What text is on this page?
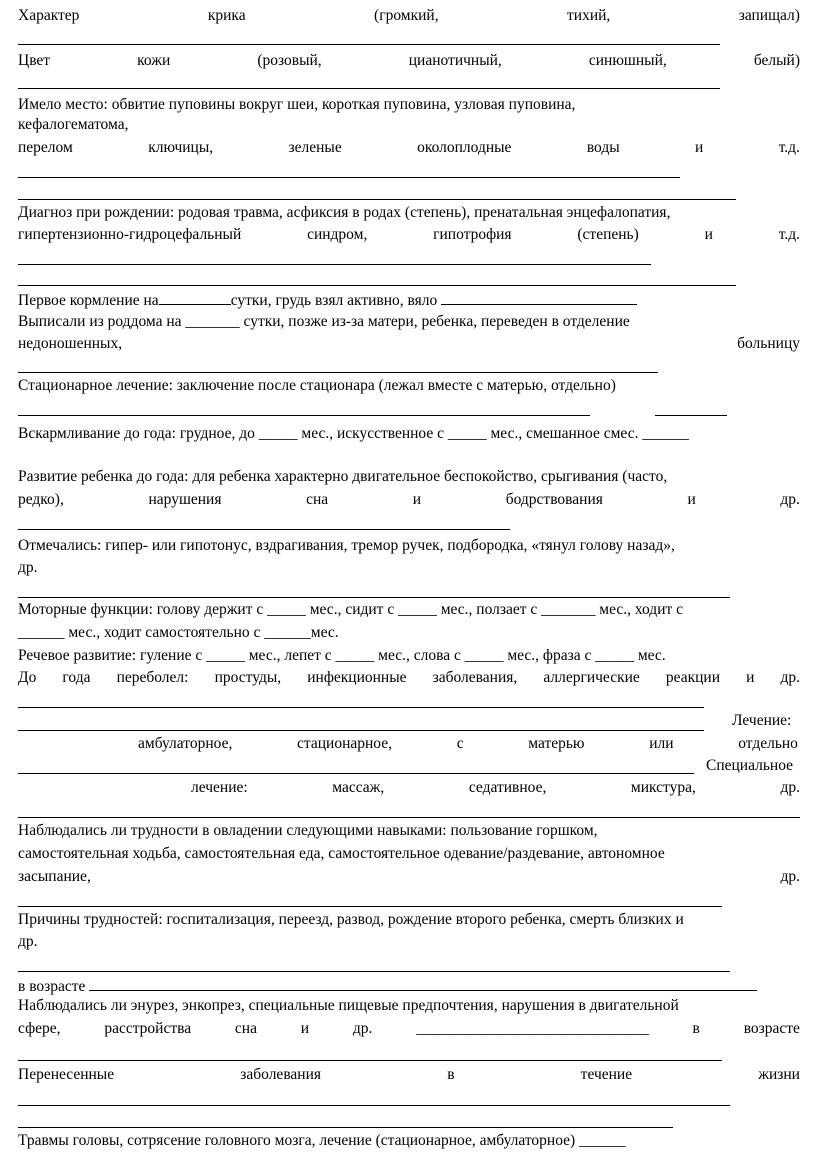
Характер	крика	(громкий,	тихий,	запищал)
Цвет	кожи	(розовый,	цианотичный,	синюшный,	белый)
Имело место: обвитие пуповины вокруг шеи, короткая пуповина, узловая пуповина,
кефалогематома,
перелом	ключицы,	зеленые	околоплодные	воды	и	т.д.
Диагноз при рождении: родовая травма, асфиксия в родах (степень), пренатальная энцефалопатия,
гипертензионно-гидроцефальный	синдром,	гипотрофия	(степень)	и	т.д.
Первое кормление на	сутки, грудь взял активно, вяло
Выписали из роддома на _______ сутки, позже из-за матери, ребенка, переведен в отделение
недоношенных,	больницу
Стационарное лечение: заключение после стационара (лежал вместе с матерью, отдельно)
Вскармливание до года: грудное, до _____ мес., искусственное с _____ мес., смешанное смес. ______
Развитие ребенка до года: для ребенка характерно двигательное беспокойство, срыгивания (часто,
редко),	нарушения	сна	и	бодрствования	и	др.
Отмечались: гипер- или гипотонус, вздрагивания, тремор ручек, подбородка, «тянул голову назад»,
др.
Моторные функции: голову держит с _____ мес., сидит с _____ мес., ползает с _______ мес., ходит с
______ мес., ходит самостоятельно с ______мес.
Речевое развитие: гуление с _____ мес., лепет с _____ мес., слова с _____ мес., фраза с _____ мес.
До года переболел: простуды, инфекционные заболевания, аллергические реакции и др.
Лечение:
амбулаторное,	стационарное,	с	матерью	или	отдельно
Специальное
лечение:	массаж,	седативное,	микстура,	др.
Наблюдались ли трудности в овладении следующими навыками: пользование горшком,
самостоятельная ходьба, самостоятельная еда, самостоятельное одевание/раздевание, автономное
засыпание,	др.
Причины трудностей: госпитализация, переезд, развод, рождение второго ребенка, смерть близких и
др.
в возрасте
Наблюдались ли энурез, энкопрез, специальные пищевые предпочтения, нарушения в двигательной
сфере,	расстройства	сна	и	др.	______________________________	в	возрасте
Перенесенные	заболевания	в	течение	жизни
Травмы головы, сотрясение головного мозга, лечение (стационарное, амбулаторное) ______
